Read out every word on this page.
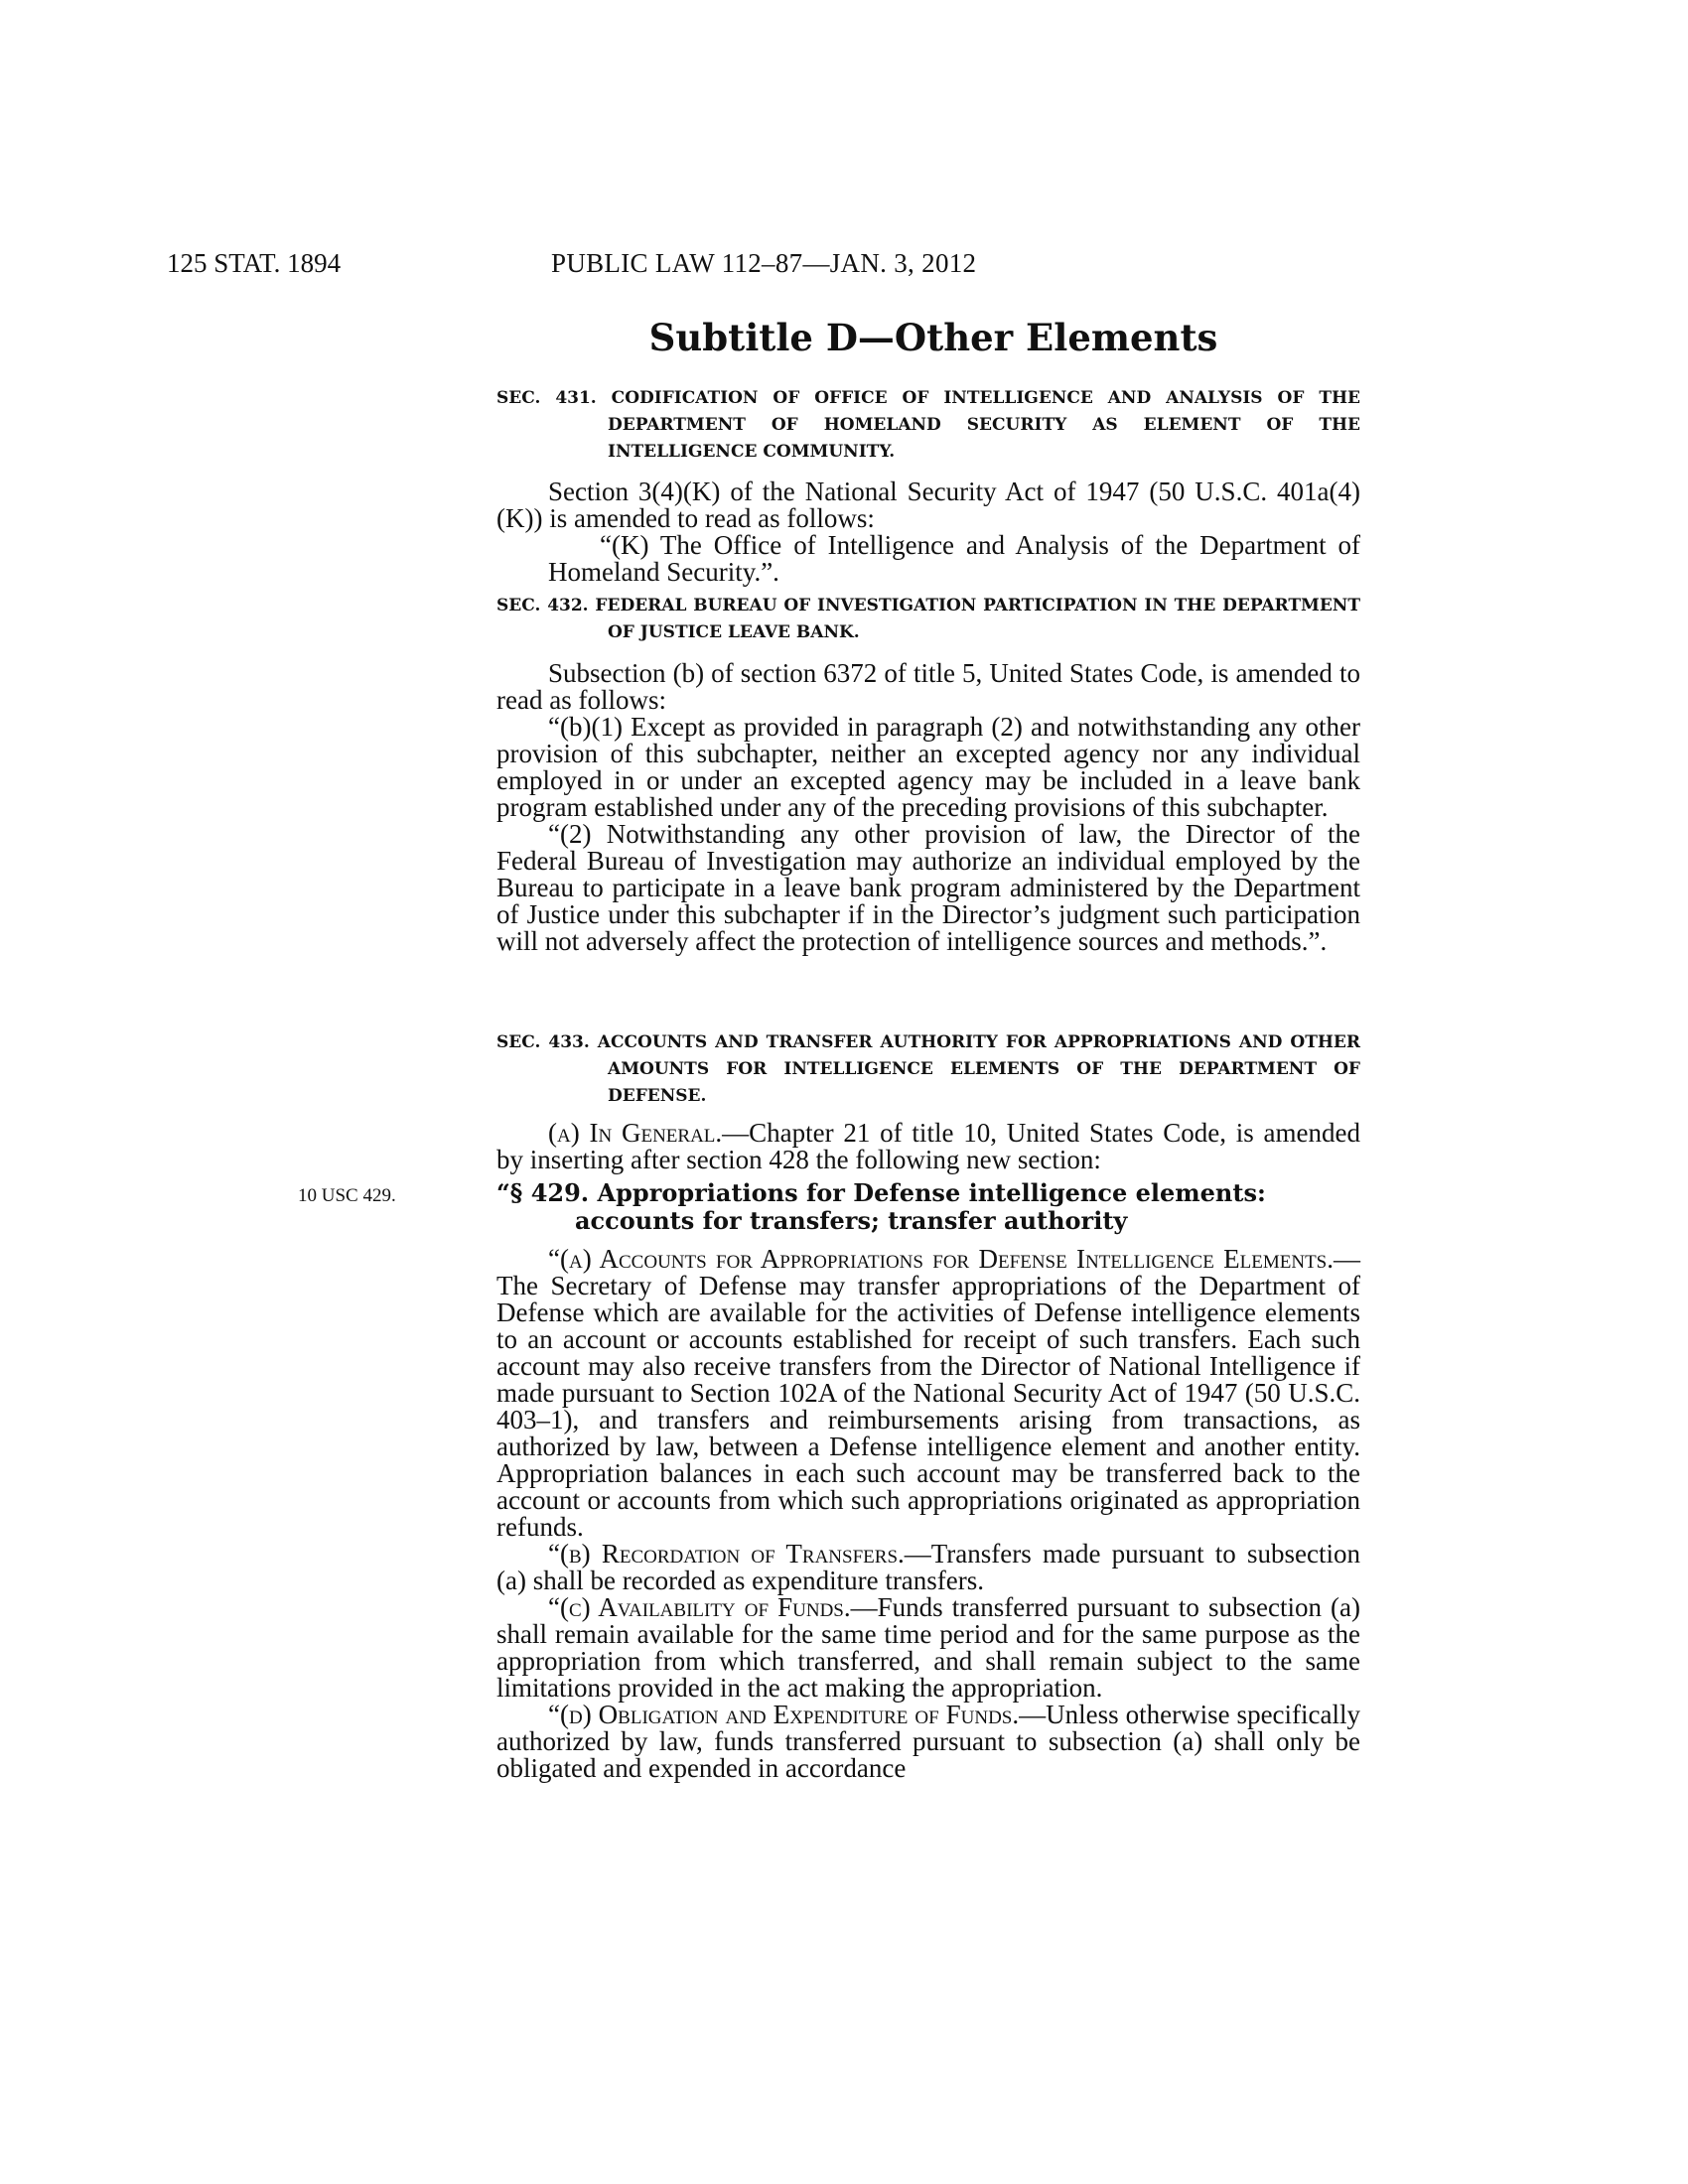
125 STAT. 1894	PUBLIC LAW 112–87—JAN. 3, 2012
Subtitle D—Other Elements
SEC. 431. CODIFICATION OF OFFICE OF INTELLIGENCE AND ANALYSIS OF THE DEPARTMENT OF HOMELAND SECURITY AS ELEMENT OF THE INTELLIGENCE COMMUNITY.

Section 3(4)(K) of the National Security Act of 1947 (50 U.S.C. 401a(4)(K)) is amended to read as follows:

“(K) The Office of Intelligence and Analysis of the Department of Homeland Security.”.

SEC. 432. FEDERAL BUREAU OF INVESTIGATION PARTICIPATION IN THE DEPARTMENT OF JUSTICE LEAVE BANK.

Subsection (b) of section 6372 of title 5, United States Code, is amended to read as follows:

“(b)(1) Except as provided in paragraph (2) and notwithstanding any other provision of this subchapter, neither an excepted agency nor any individual employed in or under an excepted agency may be included in a leave bank program established under any of the preceding provisions of this subchapter.

“(2) Notwithstanding any other provision of law, the Director of the Federal Bureau of Investigation may authorize an individual employed by the Bureau to participate in a leave bank program administered by the Department of Justice under this subchapter if in the Director’s judgment such participation will not adversely affect the protection of intelligence sources and methods.”.

SEC. 433. ACCOUNTS AND TRANSFER AUTHORITY FOR APPROPRIATIONS AND OTHER AMOUNTS FOR INTELLIGENCE ELEMENTS OF THE DEPARTMENT OF DEFENSE.

(a) In General.—Chapter 21 of title 10, United States Code, is amended by inserting after section 428 the following new section:

10 USC 429.	“§ 429. Appropriations for Defense intelligence elements:
accounts for transfers; transfer authority

“(a) Accounts for Appropriations for Defense Intelligence Elements.—The Secretary of Defense may transfer appropriations of the Department of Defense which are available for the activities of Defense intelligence elements to an account or accounts established for receipt of such transfers. Each such account may also receive transfers from the Director of National Intelligence if made pursuant to Section 102A of the National Security Act of 1947 (50 U.S.C. 403–1), and transfers and reimbursements arising from transactions, as authorized by law, between a Defense intelligence element and another entity. Appropriation balances in each such account may be transferred back to the account or accounts from which such appropriations originated as appropriation refunds.

“(b) Recordation of Transfers.—Transfers made pursuant to subsection (a) shall be recorded as expenditure transfers.

“(c) Availability of Funds.—Funds transferred pursuant to subsection (a) shall remain available for the same time period and for the same purpose as the appropriation from which transferred, and shall remain subject to the same limitations provided in the act making the appropriation.

“(d) Obligation and Expenditure of Funds.—Unless otherwise specifically authorized by law, funds transferred pursuant to subsection (a) shall only be obligated and expended in accordance
